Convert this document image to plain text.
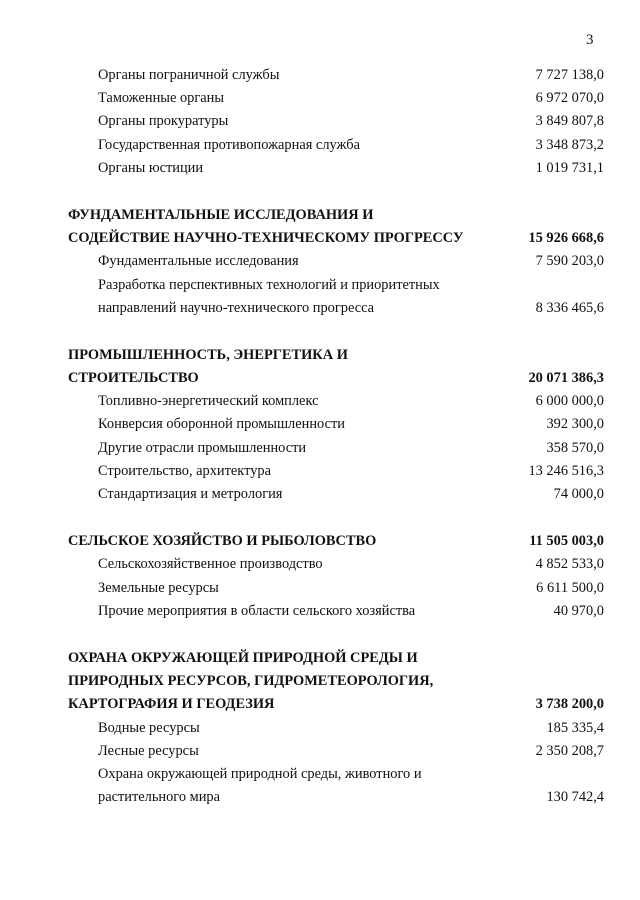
3
Органы пограничной службы	7 727 138,0
Таможенные органы	6 972 070,0
Органы прокуратуры	3 849 807,8
Государственная противопожарная служба	3 348 873,2
Органы юстиции	1 019 731,1
ФУНДАМЕНТАЛЬНЫЕ ИССЛЕДОВАНИЯ И
СОДЕЙСТВИЕ НАУЧНО-ТЕХНИЧЕСКОМУ ПРОГРЕССУ	15 926 668,6
Фундаментальные исследования	7 590 203,0
Разработка перспективных технологий и приоритетных
направлений научно-технического прогресса	8 336 465,6
ПРОМЫШЛЕННОСТЬ, ЭНЕРГЕТИКА И
СТРОИТЕЛЬСТВО	20 071 386,3
Топливно-энергетический комплекс	6 000 000,0
Конверсия оборонной промышленности	392 300,0
Другие отрасли промышленности	358 570,0
Строительство, архитектура	13 246 516,3
Стандартизация и метрология	74 000,0
СЕЛЬСКОЕ ХОЗЯЙСТВО И РЫБОЛОВСТВО	11 505 003,0
Сельскохозяйственное производство	4 852 533,0
Земельные ресурсы	6 611 500,0
Прочие мероприятия в области сельского хозяйства	40 970,0
ОХРАНА ОКРУЖАЮЩЕЙ ПРИРОДНОЙ СРЕДЫ И
ПРИРОДНЫХ РЕСУРСОВ, ГИДРОМЕТЕОРОЛОГИЯ,
КАРТОГРАФИЯ И ГЕОДЕЗИЯ	3 738 200,0
Водные ресурсы	185 335,4
Лесные ресурсы	2 350 208,7
Охрана окружающей природной среды, животного и
растительного мира	130 742,4
